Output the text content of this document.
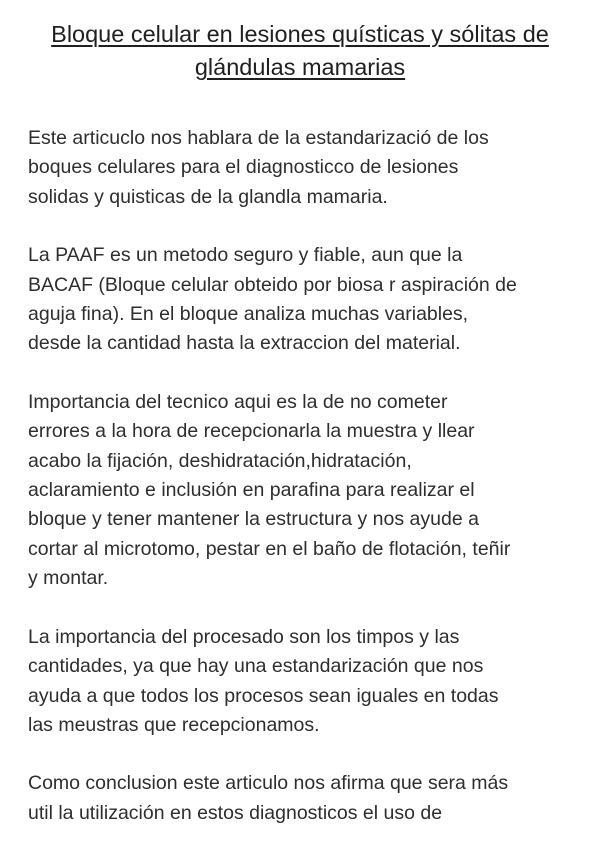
Bloque celular en lesiones quísticas y sólitas de
glándulas mamarias

Este articuclo nos hablara de la estandarizació de los
boques celulares para el diagnosticco de lesiones
solidas y quisticas de la glandla mamaria.

La PAAF es un metodo seguro y fiable, aun que la
BACAF (Bloque celular obteido por biosa r aspiración de
aguja fina). En el bloque analiza muchas variables,
desde la cantidad hasta la extraccion del material.

Importancia del tecnico aqui es la de no cometer
errores a la hora de recepcionarla la muestra y llear
acabo la fijación, deshidratación,hidratación,
aclaramiento e inclusión en parafina para realizar el
bloque y tener mantener la estructura y nos ayude a
cortar al microtomo, pestar en el baño de flotación, teñir
y montar.

La importancia del procesado son los timpos y las
cantidades, ya que hay una estandarización que nos
ayuda a que todos los procesos sean iguales en todas
las meustras que recepcionamos.

Como conclusion este articulo nos afirma que sera más
util la utilización en estos diagnosticos el uso de
